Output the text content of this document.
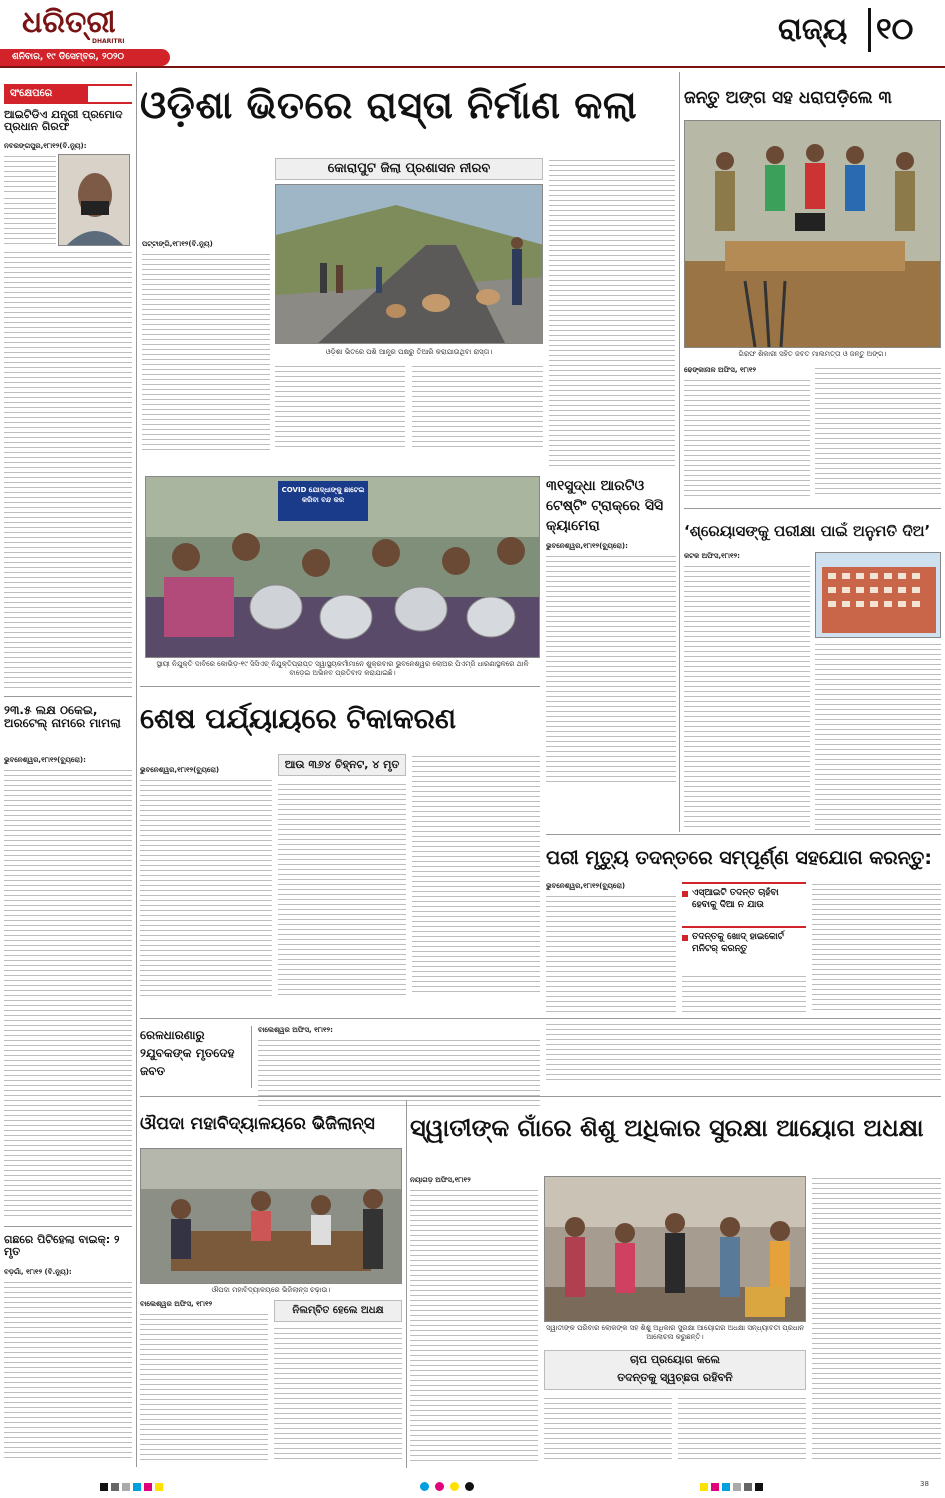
ଧରିତ୍ରୀ
DHARITRI
ଶନିବାର, ୧୯ ଡିସେମ୍ବର, ୨୦୨୦
ରାଜ୍ୟ ୧୦
ସଂକ୍ଷେପରେ
ଆଇଟିଡିଏ ଯନ୍ତ୍ରୀ ପ୍ରମୋଦ ପ୍ରଧାନ ଗିରଫ
ନବରଙ୍ଗପୁର,୧୮ା୧୨(ବି.ନ୍ୟୁ):
୨୩.୫ ଲକ୍ଷ ଠକେଇ, ଅରଟେଲ୍ ନାମରେ ମାମଲା
ଭୁବନେଶ୍ୱର,୧୮ା୧୨(ବ୍ୟୁରୋ):
ଗଛରେ ପିଟିହେଲା ବାଇକ୍: ୨ ମୃତ
ବଡ଼ଗାଁ, ୧୮ା୧୨ (ବି.ନ୍ୟୁ):
ଓଡ଼ିଶା ଭିତରେ ରାସ୍ତା ନିର୍ମାଣ କଲା
ପଟ୍ଟାଙ୍ଗି,୧୮ା୧୨(ବି.ନ୍ୟୁ)
କୋରାପୁଟ ଜିଲା ପ୍ରଶାସନ ନୀରବ
ଓଡ଼ିଶା ଭିତରେ ପଶି ଆନ୍ଧ୍ର ପକ୍ଷରୁ ତିଆରି କରାଯାଉଥିବା ରାସ୍ତା।
COVID ଯୋଦ୍ଧାଙ୍କୁ ଛାଟେଇ କରିବା ବନ୍ଦ କର
ସ୍ଥାୟୀ ନିଯୁକ୍ତି ଦାବିରେ କୋଭିଡ଼-୧୯ ସିସିଏଚ୍ ନିଯୁକ୍ତିପ୍ରାପ୍ତ ସ୍ୱାସ୍ଥ୍ୟକର୍ମୀମାନେ ଶୁକ୍ରବାର ଭୁବନେଶ୍ୱର ଲୋଅର ପିଏମ୍‌ଜି ଧାରଣାସ୍ଥଳରେ ଥାଳି ବାଡ଼େଇ ଅଭିନବ ପ୍ରତିବାଦ କରାଯାଇଛି।
୩୧ସୁଦ୍ଧା ଆରଟିଓ ଟେଷ୍ଟିଂ ଟ୍ରାକ୍‌ରେ ସିସି କ୍ୟାମେରା
ଭୁବନେଶ୍ୱର,୧୮ା୧୨(ବ୍ୟୁରୋ):
ଜନ୍ତୁ ଅଙ୍ଗ ସହ ଧରାପଡ଼ିଲେ ୩
ଗିରଫ ଶିକାରୀ ସହିତ ଜବତ ମାଲମତ୍ତା ଓ ଜନ୍ତୁ ଅଙ୍ଗ।
ଢେଙ୍କାନାଳ ଅଫିସ, ୧୮ା୧୨
‘ଶ୍ରେୟାସଙ୍କୁ ପରୀକ୍ଷା ପାଇଁ ଅନୁମତି ଦିଅ’
କଟକ ଅଫିସ,୧୮ା୧୨:
ଶେଷ ପର୍ଯ୍ୟାୟରେ ଟିକାକରଣ
ଭୁବନେଶ୍ୱର,୧୮ା୧୨(ବ୍ୟୁରୋ)	ଆଉ ୩୬୪ ଚିହ୍ନଟ, ୪ ମୃତ
ପରୀ ମୃତ୍ୟୁ ତଦନ୍ତରେ ସମ୍ପୂର୍ଣ୍ଣ ସହଯୋଗ କରନ୍ତୁ:
ଭୁବନେଶ୍ୱର,୧୮ା୧୨(ବ୍ୟୁରୋ)
ଏସ୍‌ଆଇଟି ତଦନ୍ତ ଚାହଁବା ହେବାକୁ ଦିଆ ନ ଯାଉ
ତଦନ୍ତକୁ ଖୋଦ୍ ହାଇକୋର୍ଟ ମନିଟର୍ କରନ୍ତୁ
ରେଳଧାରଣାରୁ
୨ଯୁବକଙ୍କ ମୃତଦେହ ଜବତ
ବାଲେଶ୍ୱର ଅଫିସ, ୧୮ା୧୨:
ଔପଦା ମହାବିଦ୍ୟାଳୟରେ ଭିଜିଲାନ୍ସ
ଔପଦା ମହାବିଦ୍ୟାଳୟରେ ଭିଜିଲାନ୍ସ ଚଢ଼ାଉ।
ବାଲେଶ୍ୱର ଅଫିସ, ୧୮ା୧୨
ନିଲମ୍ବିତ ହେଲେ ଅଧକ୍ଷ
ସ୍ୱାତୀଙ୍କ ଗାଁରେ ଶିଶୁ ଅଧିକାର ସୁରକ୍ଷା ଆୟୋଗ ଅଧକ୍ଷା
ନୟାଗଡ଼ ଅଫିସ,୧୮ା୧୨
ସ୍ୱାତୀଙ୍କ ପରିବାର ଲୋକଙ୍କ ସହ ଶିଶୁ ଅଧିକାର ସୁରକ୍ଷା ଆୟୋଗର ଅଧକ୍ଷା ସନ୍ଧ୍ୟାବତୀ ପ୍ରଧାନ ଆଲୋଚନା କରୁଛନ୍ତି।
ଚାପ ପ୍ରୟୋଗ କଲେ
ତଦନ୍ତକୁ ସ୍ୱଚ୍ଛତା ରହିବନି
38
